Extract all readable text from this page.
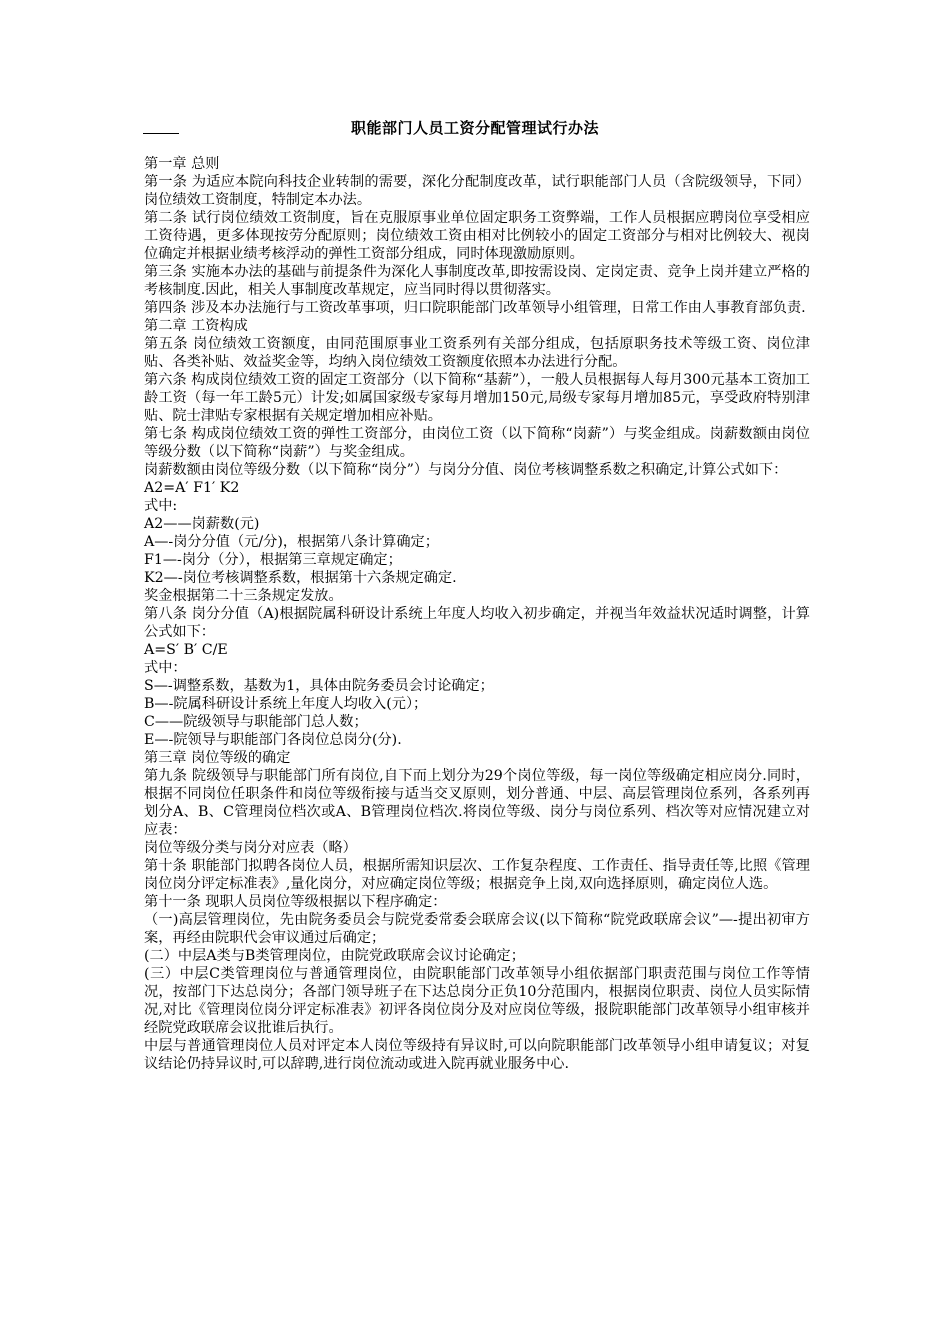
职能部门人员工资分配管理试行办法

第一章 总则

第一条 为适应本院向科技企业转制的需要，深化分配制度改革，试行职能部门人员（含院级领导，下同）岗位绩效工资制度，特制定本办法。

第二条 试行岗位绩效工资制度，旨在克服原事业单位固定职务工资弊端，工作人员根据应聘岗位享受相应工资待遇，更多体现按劳分配原则；岗位绩效工资由相对比例较小的固定工资部分与相对比例较大、视岗位确定并根据业绩考核浮动的弹性工资部分组成，同时体现激励原则。

第三条 实施本办法的基础与前提条件为深化人事制度改革,即按需设岗、定岗定责、竞争上岗并建立严格的考核制度.因此，相关人事制度改革规定，应当同时得以贯彻落实。

第四条 涉及本办法施行与工资改革事项，归口院职能部门改革领导小组管理，日常工作由人事教育部负责.

第二章 工资构成

第五条 岗位绩效工资额度，由同范围原事业工资系列有关部分组成，包括原职务技术等级工资、岗位津贴、各类补贴、效益奖金等，均纳入岗位绩效工资额度依照本办法进行分配。

第六条 构成岗位绩效工资的固定工资部分（以下简称“基薪”），一般人员根据每人每月300元基本工资加工龄工资（每一年工龄5元）计发;如属国家级专家每月增加150元,局级专家每月增加85元，享受政府特别津贴、院士津贴专家根据有关规定增加相应补贴。

第七条 构成岗位绩效工资的弹性工资部分，由岗位工资（以下简称“岗薪”）与奖金组成。岗薪数额由岗位等级分数（以下简称“岗薪”）与奖金组成。

岗薪数额由岗位等级分数（以下简称“岗分”）与岗分分值、岗位考核调整系数之积确定,计算公式如下：

A2=A′ F1′ K2

式中:

A2——岗薪数(元)

A—-岗分分值（元/分)，根据第八条计算确定；

F1—-岗分（分），根据第三章规定确定；

K2—-岗位考核调整系数，根据第十六条规定确定.

奖金根据第二十三条规定发放。

第八条 岗分分值（A)根据院属科研设计系统上年度人均收入初步确定，并视当年效益状况适时调整，计算公式如下：

A=S′ B′ C/E

式中：

S—-调整系数，基数为1，具体由院务委员会讨论确定；

B—-院属科研设计系统上年度人均收入(元）；

C——院级领导与职能部门总人数；

E—-院领导与职能部门各岗位总岗分(分).

第三章 岗位等级的确定

第九条 院级领导与职能部门所有岗位,自下而上划分为29个岗位等级，每一岗位等级确定相应岗分.同时，根据不同岗位任职条件和岗位等级衔接与适当交叉原则，划分普通、中层、高层管理岗位系列，各系列再划分A、B、C管理岗位档次或A、B管理岗位档次.将岗位等级、岗分与岗位系列、档次等对应情况建立对应表：

岗位等级分类与岗分对应表（略）

第十条 职能部门拟聘各岗位人员，根据所需知识层次、工作复杂程度、工作责任、指导责任等,比照《管理岗位岗分评定标准表》,量化岗分，对应确定岗位等级；根据竞争上岗,双向选择原则，确定岗位人选。

第十一条 现职人员岗位等级根据以下程序确定：

（一)高层管理岗位，先由院务委员会与院党委常委会联席会议(以下简称“院党政联席会议”—-提出初审方案，再经由院职代会审议通过后确定；

(二）中层A类与B类管理岗位，由院党政联席会议讨论确定；

(三）中层C类管理岗位与普通管理岗位，由院职能部门改革领导小组依据部门职责范围与岗位工作等情况，按部门下达总岗分；各部门领导班子在下达总岗分正负10分范围内，根据岗位职责、岗位人员实际情况,对比《管理岗位岗分评定标准表》初评各岗位岗分及对应岗位等级，报院职能部门改革领导小组审核并经院党政联席会议批谁后执行。

中层与普通管理岗位人员对评定本人岗位等级持有异议时,可以向院职能部门改革领导小组申请复议；对复议结论仍持异议时,可以辞聘,进行岗位流动或进入院再就业服务中心.
